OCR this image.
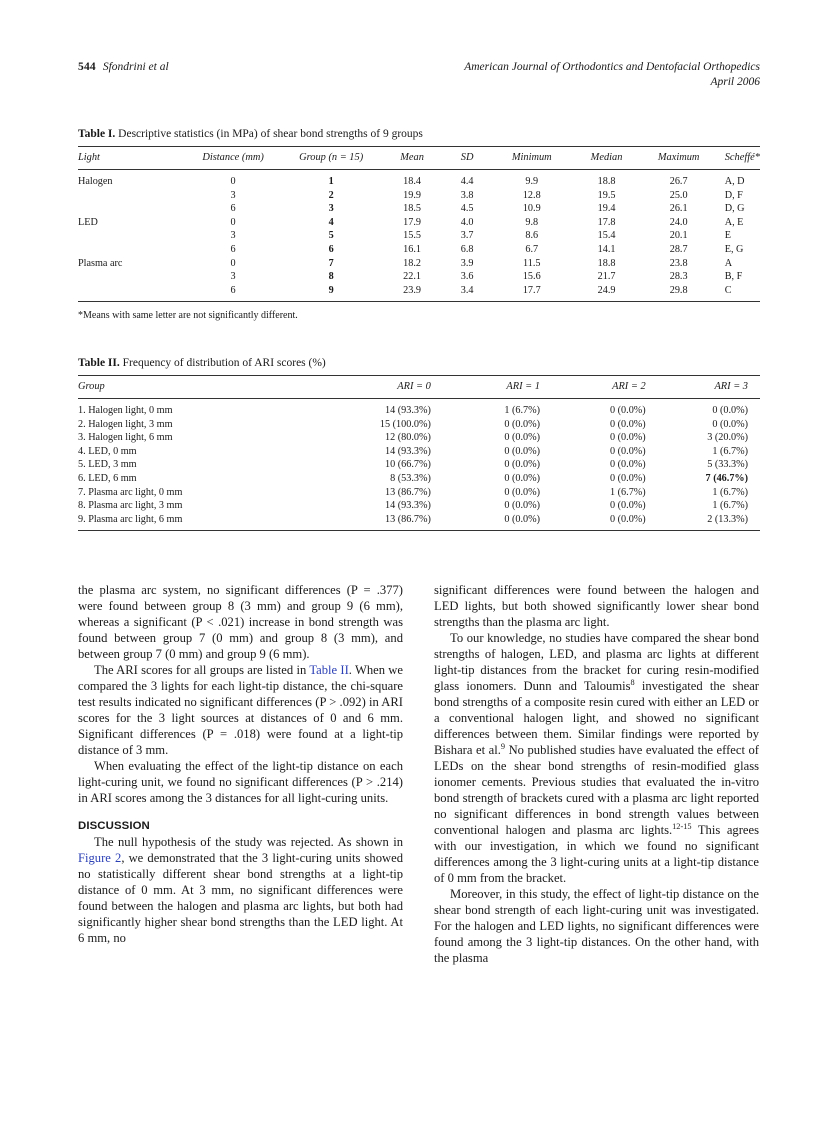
544 Sfondrini et al	American Journal of Orthodontics and Dentofacial Orthopedics
April 2006
Table I. Descriptive statistics (in MPa) of shear bond strengths of 9 groups
Light	Distance (mm)	Group (n = 15)	Mean	SD	Minimum	Median	Maximum	Scheffé*
Halogen	0	1	18.4	4.4	9.9	18.8	26.7	A, D
	3	2	19.9	3.8	12.8	19.5	25.0	D, F
	6	3	18.5	4.5	10.9	19.4	26.1	D, G
LED	0	4	17.9	4.0	9.8	17.8	24.0	A, E
	3	5	15.5	3.7	8.6	15.4	20.1	E
	6	6	16.1	6.8	6.7	14.1	28.7	E, G
Plasma arc	0	7	18.2	3.9	11.5	18.8	23.8	A
	3	8	22.1	3.6	15.6	21.7	28.3	B, F
	6	9	23.9	3.4	17.7	24.9	29.8	C
*Means with same letter are not significantly different.
Table II. Frequency of distribution of ARI scores (%)
Group	ARI = 0	ARI = 1	ARI = 2	ARI = 3
1. Halogen light, 0 mm	14 (93.3%)	1 (6.7%)	0 (0.0%)	0 (0.0%)
2. Halogen light, 3 mm	15 (100.0%)	0 (0.0%)	0 (0.0%)	0 (0.0%)
3. Halogen light, 6 mm	12 (80.0%)	0 (0.0%)	0 (0.0%)	3 (20.0%)
4. LED, 0 mm	14 (93.3%)	0 (0.0%)	0 (0.0%)	1 (6.7%)
5. LED, 3 mm	10 (66.7%)	0 (0.0%)	0 (0.0%)	5 (33.3%)
6. LED, 6 mm	8 (53.3%)	0 (0.0%)	0 (0.0%)	7 (46.7%)
7. Plasma arc light, 0 mm	13 (86.7%)	0 (0.0%)	1 (6.7%)	1 (6.7%)
8. Plasma arc light, 3 mm	14 (93.3%)	0 (0.0%)	0 (0.0%)	1 (6.7%)
9. Plasma arc light, 6 mm	13 (86.7%)	0 (0.0%)	0 (0.0%)	2 (13.3%)

the plasma arc system, no significant differences (P = .377) were found between group 8 (3 mm) and group 9 (6 mm), whereas a significant (P < .021) increase in bond strength was found between group 7 (0 mm) and group 8 (3 mm), and between group 7 (0 mm) and group 9 (6 mm).

The ARI scores for all groups are listed in Table II. When we compared the 3 lights for each light-tip distance, the chi-square test results indicated no significant differences (P > .092) in ARI scores for the 3 light sources at distances of 0 and 6 mm. Significant differences (P = .018) were found at a light-tip distance of 3 mm.

When evaluating the effect of the light-tip distance on each light-curing unit, we found no significant differences (P > .214) in ARI scores among the 3 distances for all light-curing units.

DISCUSSION

The null hypothesis of the study was rejected. As shown in Figure 2, we demonstrated that the 3 light-curing units showed no statistically different shear bond strengths at a light-tip distance of 0 mm. At 3 mm, no significant differences were found between the halogen and plasma arc lights, but both had significantly higher shear bond strengths than the LED light. At 6 mm, no

significant differences were found between the halogen and LED lights, but both showed significantly lower shear bond strengths than the plasma arc light.

To our knowledge, no studies have compared the shear bond strengths of halogen, LED, and plasma arc lights at different light-tip distances from the bracket for curing resin-modified glass ionomers. Dunn and Taloumis$^8$ investigated the shear bond strengths of a composite resin cured with either an LED or a conventional halogen light, and showed no significant differences between them. Similar findings were reported by Bishara et al.$^9$ No published studies have evaluated the effect of LEDs on the shear bond strengths of resin-modified glass ionomer cements. Previous studies that evaluated the in-vitro bond strength of brackets cured with a plasma arc light reported no significant differences in bond strength values between conventional halogen and plasma arc lights.$^{12-15}$ This agrees with our investigation, in which we found no significant differences among the 3 light-curing units at a light-tip distance of 0 mm from the bracket.

Moreover, in this study, the effect of light-tip distance on the shear bond strength of each light-curing unit was investigated. For the halogen and LED lights, no significant differences were found among the 3 light-tip distances. On the other hand, with the plasma
